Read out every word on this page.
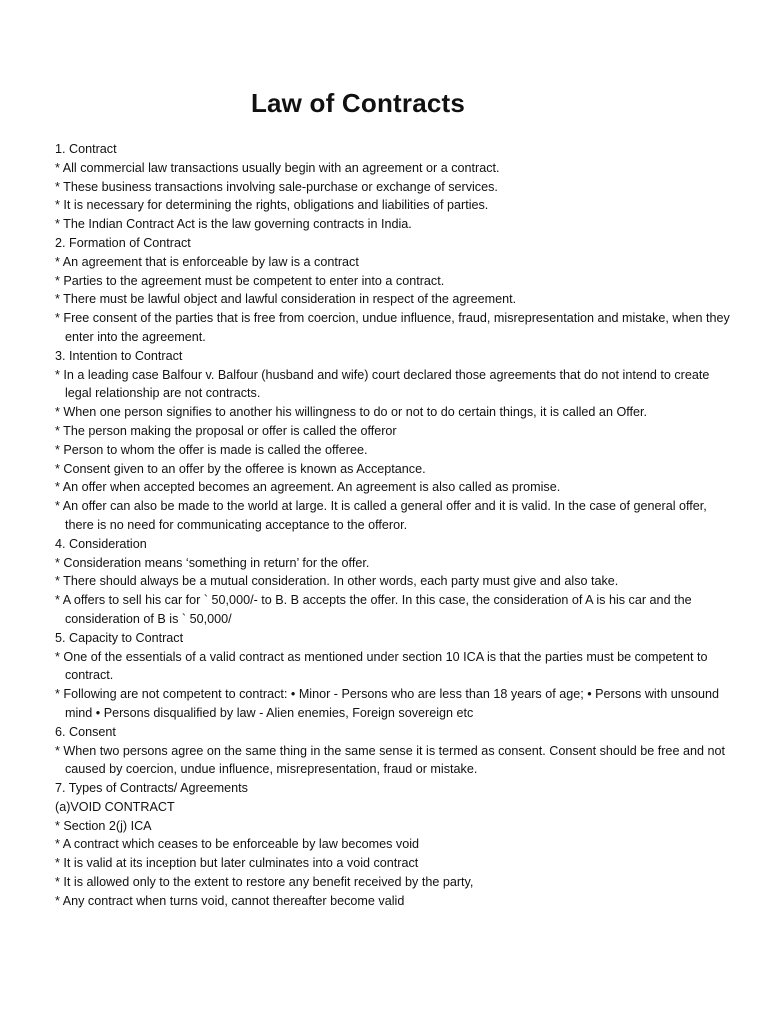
Law of Contracts
1. Contract
* All commercial law transactions usually begin with an agreement or a contract.
* These business transactions involving sale-purchase or exchange of services.
* It is necessary for determining the rights, obligations and liabilities of parties.
* The Indian Contract Act is the law governing contracts in India.
2. Formation of Contract
* An agreement that is enforceable by law is a contract
* Parties to the agreement must be competent to enter into a contract.
* There must be lawful object and lawful consideration in respect of the agreement.
* Free consent of the parties that is free from coercion, undue influence, fraud, misrepresentation and mistake, when they enter into the agreement.
3. Intention to Contract
* In a leading case Balfour v. Balfour (husband and wife) court declared those agreements that do not intend to create legal relationship are not contracts.
* When one person signifies to another his willingness to do or not to do certain things, it is called an Offer.
* The person making the proposal or offer is called the offeror
* Person to whom the offer is made is called the offeree.
* Consent given to an offer by the offeree is known as Acceptance.
* An offer when accepted becomes an agreement. An agreement is also called as promise.
* An offer can also be made to the world at large. It is called a general offer and it is valid. In the case of general offer, there is no need for communicating acceptance to the offeror.
4. Consideration
* Consideration means ‘something in return’ for the offer.
* There should always be a mutual consideration. In other words, each party must give and also take.
* A offers to sell his car for ` 50,000/- to B. B accepts the offer. In this case, the consideration of A is his car and the consideration of B is ` 50,000/
5. Capacity to Contract
* One of the essentials of a valid contract as mentioned under section 10 ICA is that the parties must be competent to contract.
* Following are not competent to contract: • Minor - Persons who are less than 18 years of age; • Persons with unsound mind • Persons disqualified by law - Alien enemies, Foreign sovereign etc
6. Consent
* When two persons agree on the same thing in the same sense it is termed as consent. Consent should be free and not caused by coercion, undue influence, misrepresentation, fraud or mistake.
7. Types of Contracts/ Agreements
(a)VOID CONTRACT
* Section 2(j) ICA
* A contract which ceases to be enforceable by law becomes void
* It is valid at its inception but later culminates into a void contract
* It is allowed only to the extent to restore any benefit received by the party,
* Any contract when turns void, cannot thereafter become valid
